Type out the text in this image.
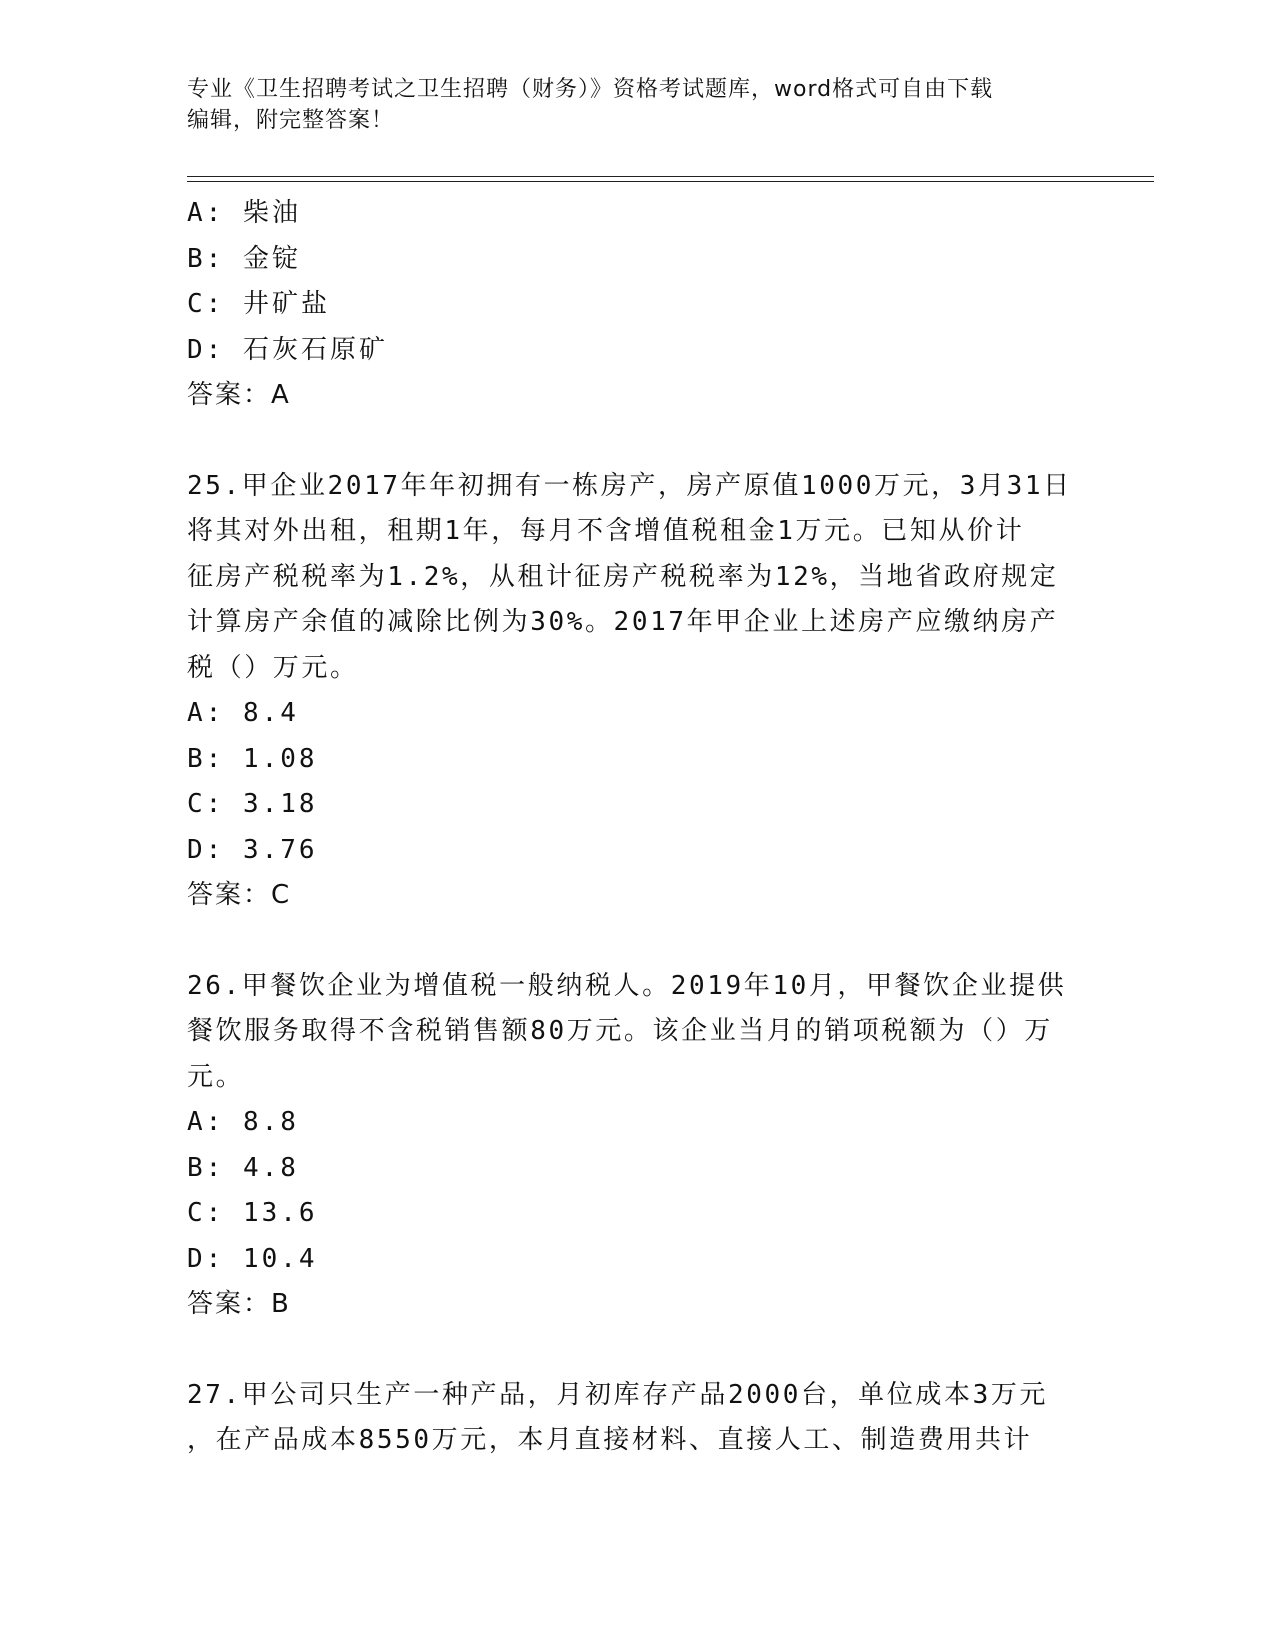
专业《卫生招聘考试之卫生招聘（财务）》资格考试题库，word格式可自由下载
编辑，附完整答案！
A: 柴油
B: 金锭
C: 井矿盐
D: 石灰石原矿
答案：A
25.甲企业2017年年初拥有一栋房产，房产原值1000万元，3月31日
将其对外出租，租期1年，每月不含增值税租金1万元。已知从价计
征房产税税率为1.2%，从租计征房产税税率为12%，当地省政府规定
计算房产余值的减除比例为30%。2017年甲企业上述房产应缴纳房产
税（）万元。
A: 8.4
B: 1.08
C: 3.18
D: 3.76
答案：C
26.甲餐饮企业为增值税一般纳税人。2019年10月，甲餐饮企业提供
餐饮服务取得不含税销售额80万元。该企业当月的销项税额为（）万
元。
A: 8.8
B: 4.8
C: 13.6
D: 10.4
答案：B
27.甲公司只生产一种产品，月初库存产品2000台，单位成本3万元
，在产品成本8550万元，本月直接材料、直接人工、制造费用共计
